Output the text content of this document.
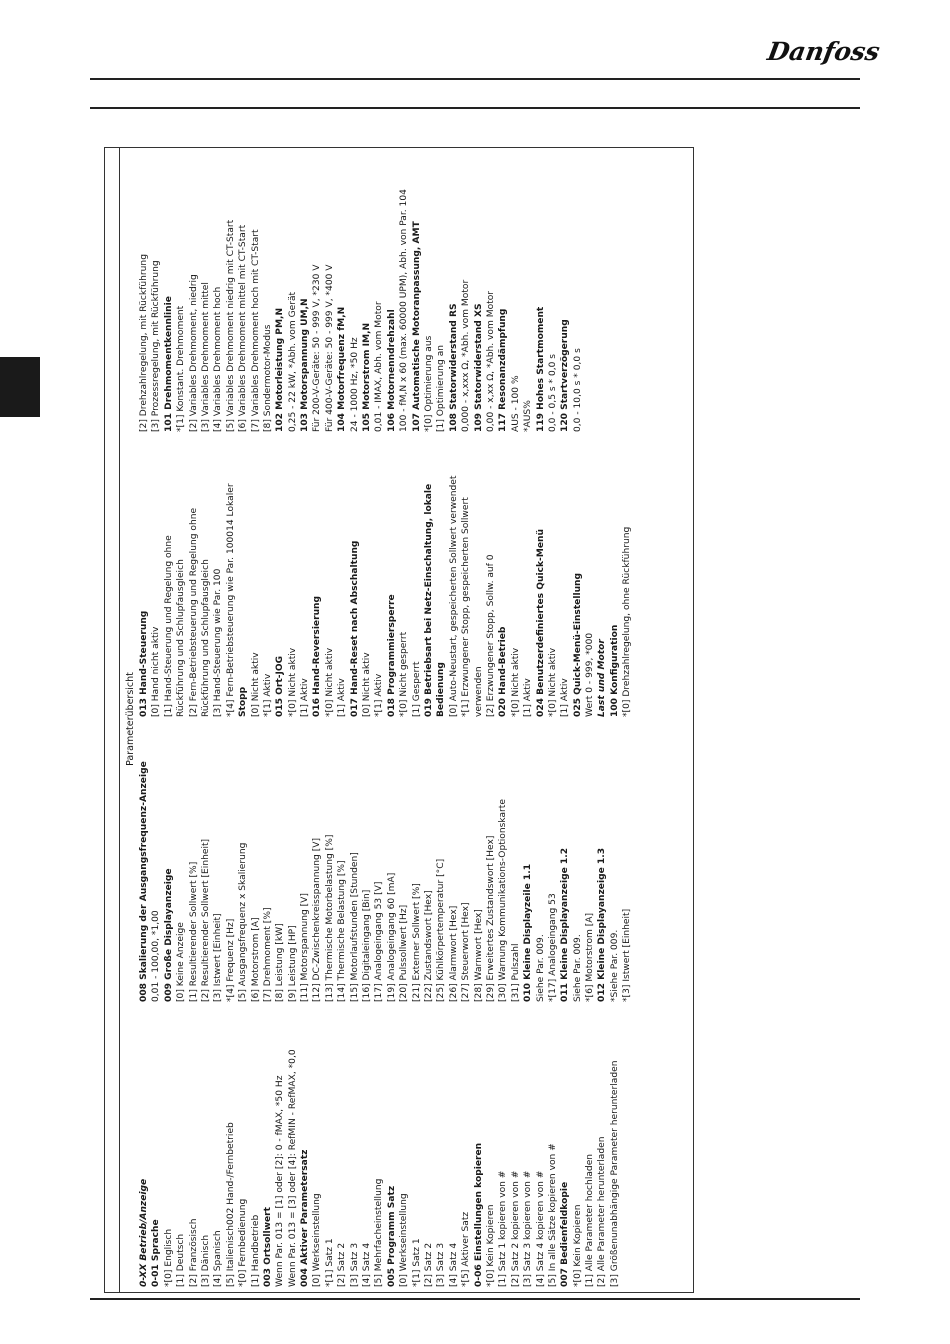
Danfoss
Parameterübersicht
0-XX Betrieb/Anzeige 0-01 Sprache *[0] Englisch [1] Deutsch [2] Französisch [3] Dänisch [4] Spanisch [5] Italienisch002 Hand-/Fernbetrieb *[0] Fernbedienung [1] Handbetrieb 003 Ortsollwert Wenn Par. 013 = [1] oder [2]: 0 - fMAX, *50 Hz Wenn Par. 013 = [3] oder [4]: RefMIN - RefMAX, *0,0 004 Aktiver Parametersatz [0] Werkseinstellung *[1] Satz 1 [2] Satz 2 [3] Satz 3 [4] Satz 4 [5] Mehrfacheinstellung 005 Programm Satz [0] Werkseinstellung *[1] Satz 1 [2] Satz 2 [3] Satz 3 [4] Satz 4 *[5] Aktiver Satz 0-06 Einstellungen kopieren *[0] Kein Kopieren [1] Satz 1 kopieren von # [2] Satz 2 kopieren von # [3] Satz 3 kopieren von # [4] Satz 4 kopieren von # [5] In alle Sätze kopieren von # 007 Bedienfeldkopie *[0] Kein Kopieren [1] Alle Parameter hochladen [2] Alle Parameter herunterladen [3] Größenunabhängige Parameter herunterladen
008 Skalierung der Ausgangsfrequenz-Anzeige 0,01 - 100,00, *1,00 009 Große Displayanzeige [0] Keine Anzeige [1] Resultierender Sollwert [%] [2] Resultierender Sollwert [Einheit] [3] Istwert [Einheit] *[4] Frequenz [Hz] [5] Ausgangsfrequenz x Skalierung [6] Motorstrom [A] [7] Drehmoment [%] [8] Leistung [kW] [9] Leistung [HP] [11] Motorspannung [V] [12] DC-Zwischenkreisspannung [V] [13] Thermische Motorbelastung [%] [14] Thermische Belastung [%] [15] Motorlaufstunden [Stunden] [16] Digitaleingang [Bin] [17] Analogeingang 53 [V] [19] Analogeingang 60 [mA] [20] Pulssollwert [Hz] [21] Externer Sollwert [%] [22] Zustandswort [Hex] [25] Kühlkörpertemperatur [°C] [26] Alarmwort [Hex] [27] Steuerwort [Hex] [28] Warnwort [Hex] [29] Erweitertes Zustandswort [Hex] [30] Warnung Kommunikations-Optionskarte [31] Pulszahl 010 Kleine Displayzeile 1.1 Siehe Par. 009. *[17] Analogeingang 53 011 Kleine Displayanzeige 1.2 Siehe Par. 009. *[6] Motorstrom [A] 012 Kleine Displayanzeige 1.3 *Siehe Par. 009. *[3] Istwert [Einheit]
013 Hand-Steuerung [0] Hand nicht aktiv [1] Hand-Steuerung und Regelung ohne Rückführung und Schlupfausgleich [2] Fern-Betriebsteuerung und Regelung ohne Rückführung und Schlupfausgleich [3] Hand-Steuerung wie Par. 100 *[4] Fern-Betriebsteuerung wie Par. 100014 Lokaler Stopp [0] Nicht aktiv *[1] Aktiv 015 Ort-JOG *[0] Nicht aktiv [1] Aktiv 016 Hand-Reversierung *[0] Nicht aktiv [1] Aktiv 017 Hand-Reset nach Abschaltung [0] Nicht aktiv *[1] Aktiv 018 Programmiersperre *[0] Nicht gesperrt [1] Gesperrt 019 Betriebsart bei Netz-Einschaltung, lokale Bedienung [0] Auto-Neustart, gespeicherten Sollwert verwendet *[1] Erzwungener Stopp, gespeicherten Sollwert verwenden [2] Erzwungener Stopp, Sollw. auf 0 020 Hand-Betrieb *[0] Nicht aktiv [1] Aktiv 024 Benutzerdefiniertes Quick-Menü *[0] Nicht aktiv [1] Aktiv 025 Quick-Menü-Einstellung Wert 0 - 999, *000 Last und Motor 100 Konfiguration *[0] Drehzahlregelung, ohne Rückführung
[2] Drehzahlregelung, mit Rückführung [3] Prozessregelung, mit Rückführung 101 Drehmomentkennlinie *[1] Konstant. Drehmoment [2] Variables Drehmoment, niedrig [3] Variables Drehmoment mittel [4] Variables Drehmoment hoch [5] Variables Drehmoment niedrig mit CT-Start [6] Variables Drehmoment mittel mit CT-Start [7] Variables Drehmoment hoch mit CT-Start [8] Sondermotor-Modus 102 Motorleistung PM,N 0,25 - 22 kW, *Abh. vom Gerät 103 Motorspannung UM,N Für 200-V-Geräte: 50 - 999 V, *230 V Für 400-V-Geräte: 50 - 999 V, *400 V 104 Motorfrequenz fM,N 24 - 1000 Hz, *50 Hz 105 Motorstrom IM,N 0,01 - IMAX, Abh. vom Motor 106 Motornenndrehzahl 100 - fM,N x 60 (max. 60000 UPM), Abh. von Par. 104 107 Automatische Motoranpassung, AMT *[0] Optimierung aus [1] Optimierung an 108 Statorwiderstand RS 0,000 - x,xxx Ω, *Abh. vom Motor 109 Statorwiderstand XS 0,00 - x,xx Ω, *Abh. vom Motor 117 Resonanzdämpfung AUS - 100 % *AUS% 119 Hohes Startmoment 0,0 - 0,5 s * 0,0 s 120 Startverzögerung 0,0 - 10,0 s * 0,0 s
